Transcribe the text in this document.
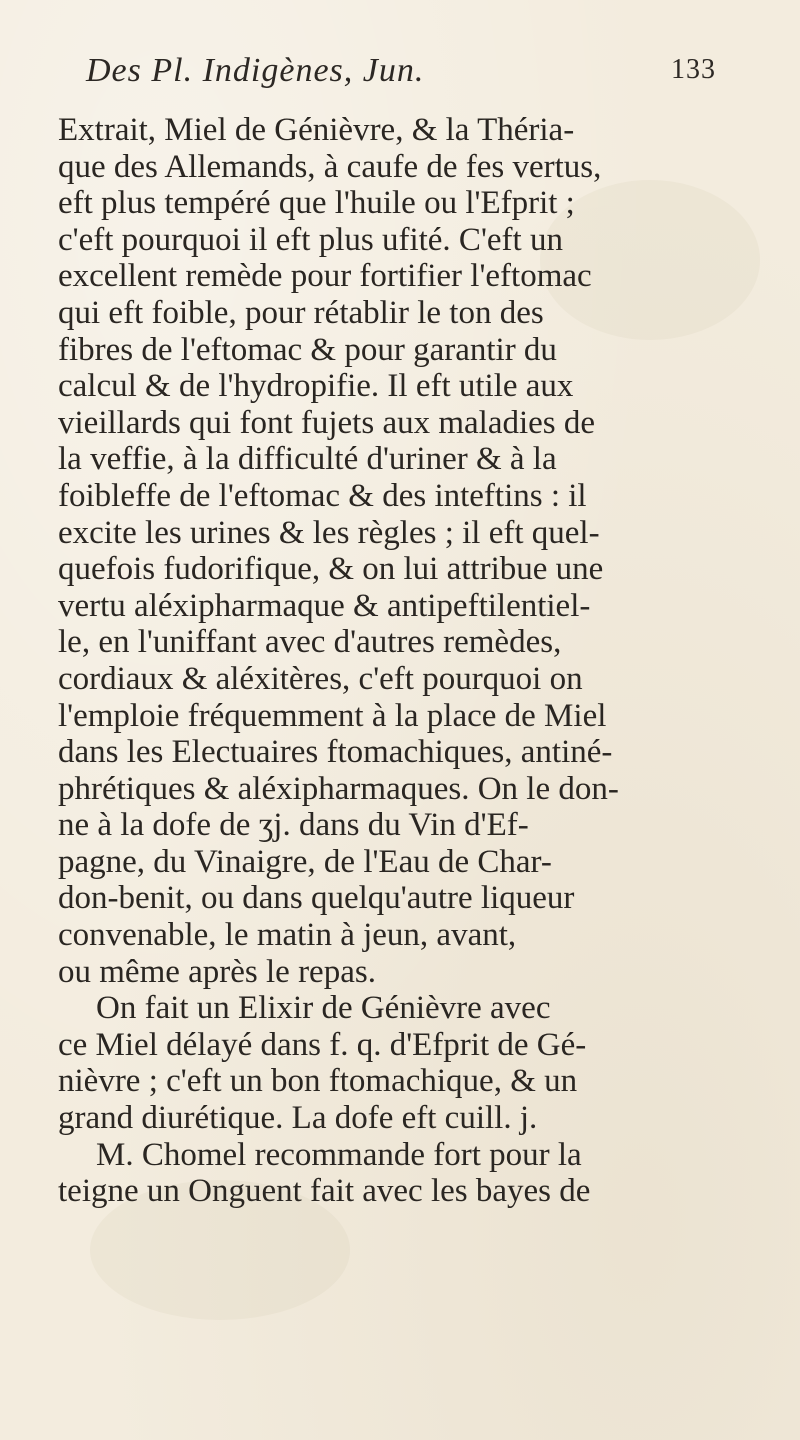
Des Pl. Indigènes, Jun.	133
Extrait, Miel de Génièvre, & la Théria-
que des Allemands, à caufe de fes vertus,
eft plus tempéré que l'huile ou l'Efprit ;
c'eft pourquoi il eft plus ufité. C'eft un
excellent remède pour fortifier l'eftomac
qui eft foible, pour rétablir le ton des
fibres de l'eftomac & pour garantir du
calcul & de l'hydropifie. Il eft utile aux
vieillards qui font fujets aux maladies de
la veffie, à la difficulté d'uriner & à la
foibleffe de l'eftomac & des inteftins : il
excite les urines & les règles ; il eft quel-
quefois fudorifique, & on lui attribue une
vertu aléxipharmaque & antipeftilentiel-
le, en l'uniffant avec d'autres remèdes,
cordiaux & aléxitères, c'eft pourquoi on
l'emploie fréquemment à la place de Miel
dans les Electuaires ftomachiques, antiné-
phrétiques & aléxipharmaques. On le don-
ne à la dofe de ʒj. dans du Vin d'Ef-
pagne, du Vinaigre, de l'Eau de Char-
don-benit, ou dans quelqu'autre liqueur
convenable, le matin à jeun, avant,
ou même après le repas.
On fait un Elixir de Génièvre avec
ce Miel délayé dans f. q. d'Efprit de Gé-
nièvre ; c'eft un bon ftomachique, & un
grand diurétique. La dofe eft cuill. j.
M. Chomel recommande fort pour la
teigne un Onguent fait avec les bayes de
